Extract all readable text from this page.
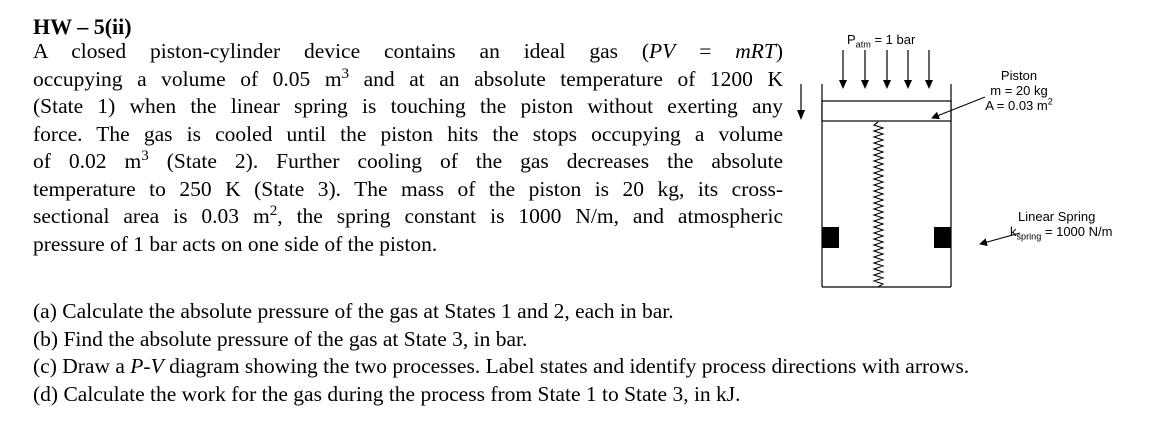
HW – 5(ii)
A closed piston-cylinder device contains an ideal gas (PV = mRT)
occupying a volume of 0.05 $m^3$ and at an absolute temperature of 1200 K
(State 1) when the linear spring is touching the piston without exerting any
force. The gas is cooled until the piston hits the stops occupying a volume
of 0.02 $m^3$ (State 2). Further cooling of the gas decreases the absolute
temperature to 250 K (State 3). The mass of the piston is 20 kg, its cross-
sectional area is 0.03 $m^2$, the spring constant is 1000 N/m, and atmospheric
pressure of 1 bar acts on one side of the piston.
(a) Calculate the absolute pressure of the gas at States 1 and 2, each in bar.
(b) Find the absolute pressure of the gas at State 3, in bar.
(c) Draw a P-V diagram showing the two processes. Label states and identify process directions with arrows.
(d) Calculate the work for the gas during the process from State 1 to State 3, in kJ.
$P_{atm} = 1$ bar
Piston
m = 20 kg
A = 0.03 $m^2$
Linear Spring
$k_{spring} = 1000$ N/m
